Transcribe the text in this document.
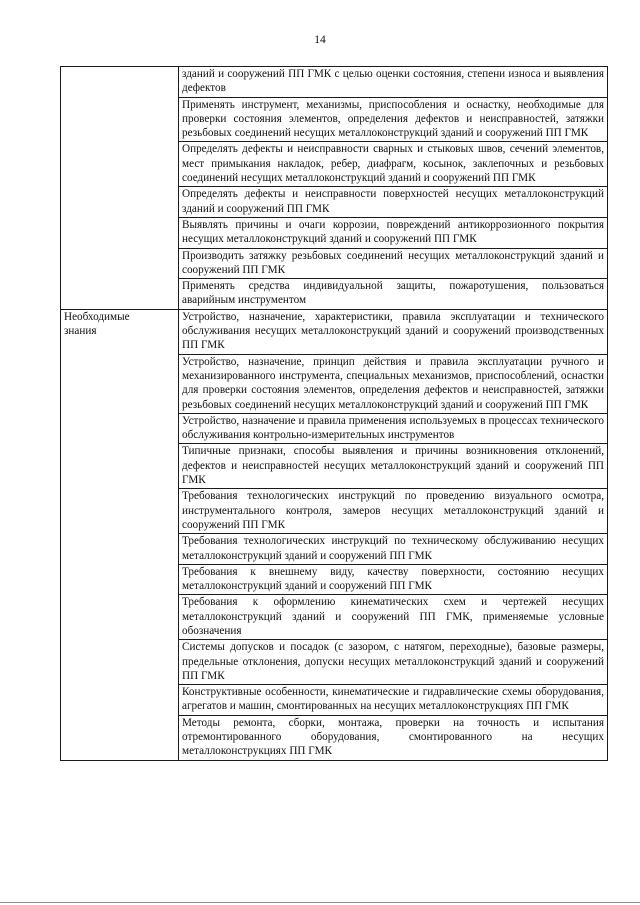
14
	зданий и сооружений ПП ГМК с целью оценки состояния, степени износа и выявления дефектов
	Применять инструмент, механизмы, приспособления и оснастку, необходимые для проверки состояния элементов, определения дефектов и неисправностей, затяжки резьбовых соединений несущих металлоконструкций зданий и сооружений ПП ГМК
	Определять дефекты и неисправности сварных и стыковых швов, сечений элементов, мест примыкания накладок, ребер, диафрагм, косынок, заклепочных и резьбовых соединений несущих металлоконструкций зданий и сооружений ПП ГМК
	Определять дефекты и неисправности поверхностей несущих металлоконструкций зданий и сооружений ПП ГМК
	Выявлять причины и очаги коррозии, повреждений антикоррозионного покрытия несущих металлоконструкций зданий и сооружений ПП ГМК
	Производить затяжку резьбовых соединений несущих металлоконструкций зданий и сооружений ПП ГМК
	Применять средства индивидуальной защиты, пожаротушения, пользоваться аварийным инструментом

Необходимые знания	Устройство, назначение, характеристики, правила эксплуатации и технического обслуживания несущих металлоконструкций зданий и сооружений производственных ПП ГМК
	Устройство, назначение, принцип действия и правила эксплуатации ручного и механизированного инструмента, специальных механизмов, приспособлений, оснастки для проверки состояния элементов, определения дефектов и неисправностей, затяжки резьбовых соединений несущих металлоконструкций зданий и сооружений ПП ГМК
	Устройство, назначение и правила применения используемых в процессах технического обслуживания контрольно-измерительных инструментов
	Типичные признаки, способы выявления и причины возникновения отклонений, дефектов и неисправностей несущих металлоконструкций зданий и сооружений ПП ГМК
	Требования технологических инструкций по проведению визуального осмотра, инструментального контроля, замеров несущих металлоконструкций зданий и сооружений ПП ГМК
	Требования технологических инструкций по техническому обслуживанию несущих металлоконструкций зданий и сооружений ПП ГМК
	Требования к внешнему виду, качеству поверхности, состоянию несущих металлоконструкций зданий и сооружений ПП ГМК
	Требования к оформлению кинематических схем и чертежей несущих металлоконструкций зданий и сооружений ПП ГМК, применяемые условные обозначения
	Системы допусков и посадок (с зазором, с натягом, переходные), базовые размеры, предельные отклонения, допуски несущих металлоконструкций зданий и сооружений ПП ГМК
	Конструктивные особенности, кинематические и гидравлические схемы оборудования, агрегатов и машин, смонтированных на несущих металлоконструкциях ПП ГМК
	Методы ремонта, сборки, монтажа, проверки на точность и испытания отремонтированного оборудования, смонтированного на несущих металлоконструкциях ПП ГМК
